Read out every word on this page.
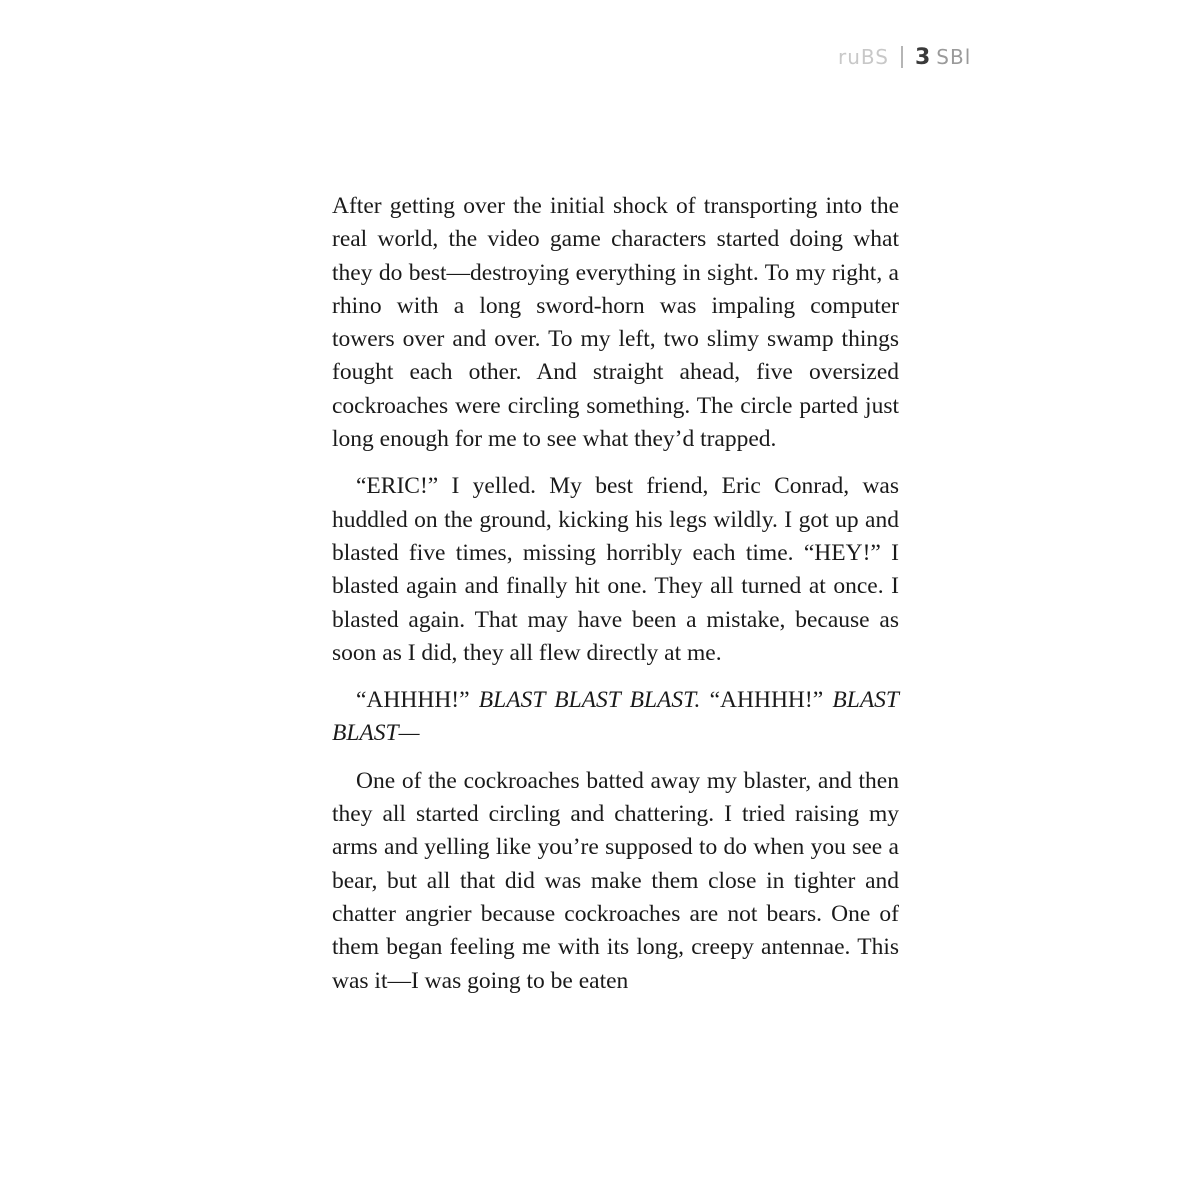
ruBS 3 SBl

After getting over the initial shock of transporting into the real world, the video game characters started doing what they do best—destroying everything in sight. To my right, a rhino with a long sword-horn was impaling computer towers over and over. To my left, two slimy swamp things fought each other. And straight ahead, five oversized cockroaches were circling something. The circle parted just long enough for me to see what they’d trapped.

“ERIC!” I yelled. My best friend, Eric Conrad, was huddled on the ground, kicking his legs wildly. I got up and blasted five times, missing horribly each time. “HEY!” I blasted again and finally hit one. They all turned at once. I blasted again. That may have been a mistake, because as soon as I did, they all flew directly at me.

“AHHHH!” BLAST BLAST BLAST. “AHHHH!” BLAST BLAST—

One of the cockroaches batted away my blaster, and then they all started circling and chattering. I tried raising my arms and yelling like you’re supposed to do when you see a bear, but all that did was make them close in tighter and chatter angrier because cockroaches are not bears. One of them began feeling me with its long, creepy antennae. This was it—I was going to be eaten
